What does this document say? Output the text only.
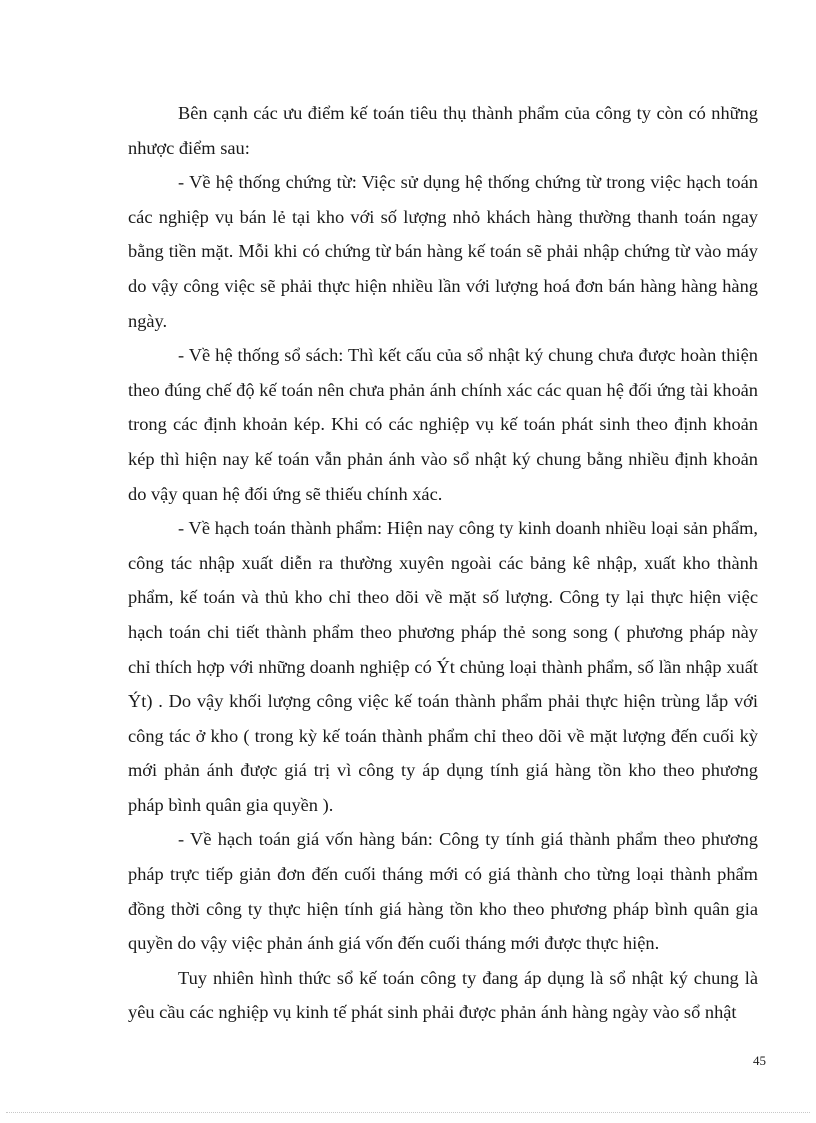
Bên cạnh các ưu điểm kế toán tiêu thụ thành phẩm của công ty còn có những nhược điểm sau:

- Về hệ thống chứng từ: Việc sử dụng hệ thống chứng từ trong việc hạch toán các nghiệp vụ bán lẻ tại kho với số lượng nhỏ khách hàng thường thanh toán ngay bằng tiền mặt. Mỗi khi có chứng từ bán hàng kế toán sẽ phải nhập chứng từ vào máy do vậy công việc sẽ phải thực hiện nhiều lần với lượng hoá đơn bán hàng hàng hàng ngày.

- Về hệ thống sổ sách: Thì kết cấu của sổ nhật ký chung chưa được hoàn thiện theo đúng chế độ kế toán nên chưa phản ánh chính xác các quan hệ đối ứng tài khoản trong các định khoản kép. Khi có các nghiệp vụ kế toán phát sinh theo định khoản kép thì hiện nay kế toán vẫn phản ánh vào sổ nhật ký chung bằng nhiều định khoản do vậy quan hệ đối ứng sẽ thiếu chính xác.

- Về hạch toán thành phẩm: Hiện nay công ty kinh doanh nhiều loại sản phẩm, công tác nhập xuất diễn ra thường xuyên ngoài các bảng kê nhập, xuất kho thành phẩm, kế toán và thủ kho chỉ theo dõi về mặt số lượng. Công ty lại thực hiện việc hạch toán chi tiết thành phẩm theo phương pháp thẻ song song ( phương pháp này chỉ thích hợp với những doanh nghiệp có Ýt chủng loại thành phẩm, số lần nhập xuất Ýt) . Do vậy khối lượng công việc kế toán thành phẩm phải thực hiện trùng lắp với công tác ở kho ( trong kỳ kế toán thành phẩm chỉ theo dõi về mặt lượng đến cuối kỳ mới phản ánh được giá trị vì công ty áp dụng tính giá hàng tồn kho theo phương pháp bình quân gia quyền ).

- Về hạch toán giá vốn hàng bán: Công ty tính giá thành phẩm theo phương pháp trực tiếp giản đơn đến cuối tháng mới có giá thành cho từng loại thành phẩm đồng thời công ty thực hiện tính giá hàng tồn kho theo phương pháp bình quân gia quyền do vậy việc phản ánh giá vốn đến cuối tháng mới được thực hiện.

Tuy nhiên hình thức sổ kế toán công ty đang áp dụng là sổ nhật ký chung là yêu cầu các nghiệp vụ kinh tế phát sinh phải được phản ánh hàng ngày vào sổ nhật

45
